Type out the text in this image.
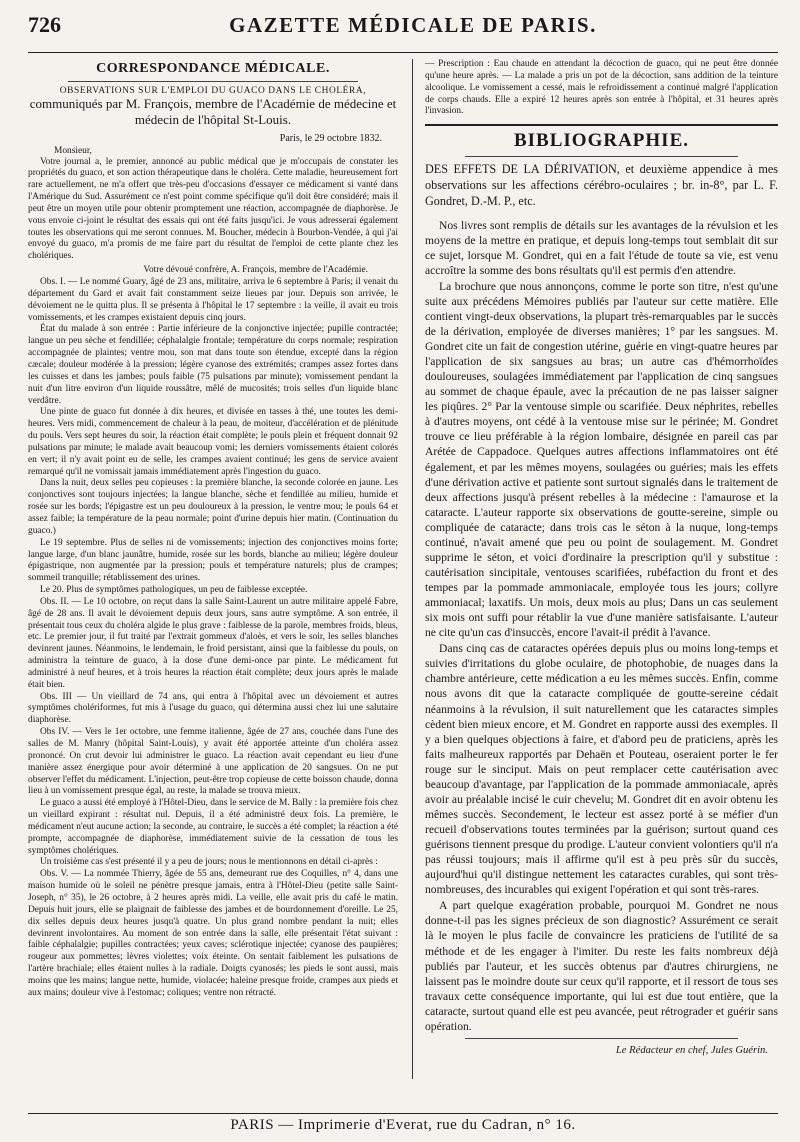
726	GAZETTE MÉDICALE DE PARIS.
CORRESPONDANCE MÉDICALE.
OBSERVATIONS SUR L'EMPLOI DU GUACO DANS LE CHOLÉRA,
communiqués par M. François, membre de l'Académie de médecine et médecin de l'hôpital St-Louis.
Paris, le 29 octobre 1832.
Monsieur,

Votre journal a, le premier, annoncé au public médical que je m'occupais de constater les propriétés du guaco, et son action thérapeutique dans le choléra. Cette maladie, heureusement fort rare actuellement, ne m'a offert que très-peu d'occasions d'essayer ce médicament si vanté dans l'Amérique du Sud. Assurément ce n'est point comme spécifique qu'il doit être considéré; mais il peut être un moyen utile pour obtenir promptement une réaction, accompagnée de diaphorèse. Je vous envoie ci-joint le résultat des essais qui ont été faits jusqu'ici. Je vous adresserai également toutes les observations qui me seront connues. M. Boucher, médecin à Bourbon-Vendée, à qui j'ai envoyé du guaco, m'a promis de me faire part du résultat de l'emploi de cette plante chez les cholériques.

Votre dévoué confrère, A. François, membre de l'Académie.

Obs. I. — Le nommé Guary, âgé de 23 ans, militaire, arriva le 6 septembre à Paris; il venait du département du Gard et avait fait constamment seize lieues par jour. Depuis son arrivée, le dévoiement ne le quitta plus. Il se présenta à l'hôpital le 17 septembre : la veille, il avait eu trois vomissements, et les crampes existaient depuis cinq jours.

État du malade à son entrée : Partie inférieure de la conjonctive injectée; pupille contractée; langue un peu sèche et fendillée; céphalalgie frontale; température du corps normale; respiration accompagnée de plaintes; ventre mou, son mat dans toute son étendue, excepté dans la région cæcale; douleur modérée à la pression; légère cyanose des extrémités; crampes assez fortes dans les cuisses et dans les jambes; pouls faible (75 pulsations par minute); vomissement pendant la nuit d'un litre environ d'un liquide roussâtre, mêlé de mucosités; trois selles d'un liquide blanc verdâtre.

Une pinte de guaco fut donnée à dix heures, et divisée en tasses à thé, une toutes les demi-heures. Vers midi, commencement de chaleur à la peau, de moiteur, d'accélération et de plénitude du pouls. Vers sept heures du soir, la réaction était complète; le pouls plein et fréquent donnait 92 pulsations par minute; le malade avait beaucoup vomi; les derniers vomissements étaient colorés en vert; il n'y avait point eu de selle, les crampes avaient continué; les gens de service avaient remarqué qu'il ne vomissait jamais immédiatement après l'ingestion du guaco.

Dans la nuit, deux selles peu copieuses : la première blanche, la seconde colorée en jaune. Les conjonctives sont toujours injectées; la langue blanche, sèche et fendillée au milieu, humide et rosée sur les bords; l'épigastre est un peu douloureux à la pression, le ventre mou; le pouls 64 et assez faible; la température de la peau normale; point d'urine depuis hier matin. (Continuation du guaco.)

Le 19 septembre. Plus de selles ni de vomissements; injection des conjonctives moins forte; langue large, d'un blanc jaunâtre, humide, rosée sur les bords, blanche au milieu; légère douleur épigastrique, non augmentée par la pression; pouls et température naturels; plus de crampes; sommeil tranquille; rétablissement des urines.

Le 20. Plus de symptômes pathologiques, un peu de faiblesse exceptée.

Obs. II. — Le 10 octobre, on reçut dans la salle Saint-Laurent un autre militaire appelé Fabre, âgé de 28 ans. Il avait le dévoiement depuis deux jours, sans autre symptôme. A son entrée, il présentait tous ceux du choléra algide le plus grave : faiblesse de la parole, membres froids, bleus, etc. Le premier jour, il fut traité par l'extrait gommeux d'aloès, et vers le soir, les selles blanches devinrent jaunes. Néanmoins, le lendemain, le froid persistant, ainsi que la faiblesse du pouls, on administra la teinture de guaco, à la dose d'une demi-once par pinte. Le médicament fut administré à neuf heures, et à trois heures la réaction était complète; deux jours après le malade était bien.

Obs. III — Un vieillard de 74 ans, qui entra à l'hôpital avec un dévoiement et autres symptômes cholériformes, fut mis à l'usage du guaco, qui détermina aussi chez lui une salutaire diaphorèse.

Obs IV. — Vers le 1er octobre, une femme italienne, âgée de 27 ans, couchée dans l'une des salles de M. Manry (hôpital Saint-Louis), y avait été apportée atteinte d'un choléra assez prononcé. On crut devoir lui administrer le guaco. La réaction avait cependant eu lieu d'une manière assez énergique pour avoir déterminé à une application de 20 sangsues. On ne put observer l'effet du médicament. L'injection, peut-être trop copieuse de cette boisson chaude, donna lieu à un vomissement presque égal, au reste, la malade se trouva mieux.

Le guaco a aussi été employé à l'Hôtel-Dieu, dans le service de M. Bally : la première fois chez un vieillard expirant : résultat nul. Depuis, il a été administré deux fois. La première, le médicament n'eut aucune action; la seconde, au contraire, le succès a été complet; la réaction a été prompte, accompagnée de diaphorèse, immédiatement suivie de la cessation de tous les symptômes cholériques.

Un troisième cas s'est présenté il y a peu de jours; nous le mentionnons en détail ci-après :

Obs. V. — La nommée Thierry, âgée de 55 ans, demeurant rue des Coquilles, n° 4, dans une maison humide où le soleil ne pénètre presque jamais, entra à l'Hôtel-Dieu (petite salle Saint-Joseph, n° 35), le 26 octobre, à 2 heures après midi. La veille, elle avait pris du café le matin. Depuis huit jours, elle se plaignait de faiblesse des jambes et de bourdonnement d'oreille. Le 25, dix selles depuis deux heures jusqu'à quatre. Un plus grand nombre pendant la nuit; elles devinrent involontaires. Au moment de son entrée dans la salle, elle présentait l'état suivant : faible céphalalgie; pupilles contractées; yeux caves; sclérotique injectée; cyanose des paupières; rougeur aux pommettes; lèvres violettes; voix éteinte. On sentait faiblement les pulsations de l'artère brachiale; elles étaient nulles à la radiale. Doigts cyanosés; les pieds le sont aussi, mais moins que les mains; langue nette, humide, violacée; haleine presque froide, crampes aux pieds et aux mains; douleur vive à l'estomac; coliques; ventre non rétracté.

— Prescription : Eau chaude en attendant la décoction de guaco, qui ne peut être donnée qu'une heure après. — La malade a pris un pot de la décoction, sans addition de la teinture alcoolique. Le vomissement a cessé, mais le refroidissement a continué malgré l'application de corps chauds. Elle a expiré 12 heures après son entrée à l'hôpital, et 31 heures après l'invasion.

BIBLIOGRAPHIE.
DES EFFETS DE LA DÉRIVATION, et deuxième appendice à mes observations sur les affections cérébro-oculaires ; br. in-8°, par L. F. Gondret, D.-M. P., etc.

Nos livres sont remplis de détails sur les avantages de la révulsion et les moyens de la mettre en pratique, et depuis long-temps tout semblait dit sur ce sujet, lorsque M. Gondret, qui en a fait l'étude de toute sa vie, est venu accroître la somme des bons résultats qu'il est permis d'en attendre.

La brochure que nous annonçons, comme le porte son titre, n'est qu'une suite aux précédens Mémoires publiés par l'auteur sur cette matière. Elle contient vingt-deux observations, la plupart très-remarquables par le succès de la dérivation, employée de diverses manières; 1° par les sangsues. M. Gondret cite un fait de congestion utérine, guérie en vingt-quatre heures par l'application de six sangsues au bras; un autre cas d'hémorrhoïdes douloureuses, soulagées immédiatement par l'application de cinq sangsues au sommet de chaque épaule, avec la précaution de ne pas laisser saigner les piqûres. 2° Par la ventouse simple ou scarifiée. Deux néphrites, rebelles à d'autres moyens, ont cédé à la ventouse mise sur le périnée; M. Gondret trouve ce lieu préférable à la région lombaire, désignée en pareil cas par Arétée de Cappadoce. Quelques autres affections inflammatoires ont été également, et par les mêmes moyens, soulagées ou guéries; mais les effets d'une dérivation active et patiente sont surtout signalés dans le traitement de deux affections jusqu'à présent rebelles à la médecine : l'amaurose et la cataracte. L'auteur rapporte six observations de goutte-sereine, simple ou compliquée de cataracte; dans trois cas le séton à la nuque, long-temps continué, n'avait amené que peu ou point de soulagement. M. Gondret supprime le séton, et voici d'ordinaire la prescription qu'il y substitue : cautérisation sincipitale, ventouses scarifiées, rubéfaction du front et des tempes par la pommade ammoniacale, employée tous les jours; collyre ammoniacal; laxatifs. Un mois, deux mois au plus; Dans un cas seulement six mois ont suffi pour rétablir la vue d'une manière satisfaisante. L'auteur ne cite qu'un cas d'insuccès, encore l'avait-il prédit à l'avance.

Dans cinq cas de cataractes opérées depuis plus ou moins long-temps et suivies d'irritations du globe oculaire, de photophobie, de nuages dans la chambre antérieure, cette médication a eu les mêmes succès. Enfin, comme nous avons dit que la cataracte compliquée de goutte-sereine cédait néanmoins à la révulsion, il suit naturellement que les cataractes simples cèdent bien mieux encore, et M. Gondret en rapporte aussi des exemples. Il y a bien quelques objections à faire, et d'abord peu de praticiens, après les faits malheureux rapportés par Dehaën et Pouteau, oseraient porter le fer rouge sur le sinciput. Mais on peut remplacer cette cautérisation avec beaucoup d'avantage, par l'application de la pommade ammoniacale, après avoir au préalable incisé le cuir chevelu; M. Gondret dit en avoir obtenu les mêmes succès. Secondement, le lecteur est assez porté à se méfier d'un recueil d'observations toutes terminées par la guérison; surtout quand ces guérisons tiennent presque du prodige. L'auteur convient volontiers qu'il n'a pas réussi toujours; mais il affirme qu'il est à peu près sûr du succès, aujourd'hui qu'il distingue nettement les cataractes curables, qui sont très-nombreuses, des incurables qui exigent l'opération et qui sont très-rares.

A part quelque exagération probable, pourquoi M. Gondret ne nous donne-t-il pas les signes précieux de son diagnostic? Assurément ce serait là le moyen le plus facile de convaincre les praticiens de l'utilité de sa méthode et de les engager à l'imiter. Du reste les faits nombreux déjà publiés par l'auteur, et les succès obtenus par d'autres chirurgiens, ne laissent pas le moindre doute sur ceux qu'il rapporte, et il ressort de tous ses travaux cette conséquence importante, qui lui est due tout entière, que la cataracte, surtout quand elle est peu avancée, peut rétrograder et guérir sans opération.

Le Rédacteur en chef, Jules Guérin.
PARIS — Imprimerie d'Everat, rue du Cadran, n° 16.
